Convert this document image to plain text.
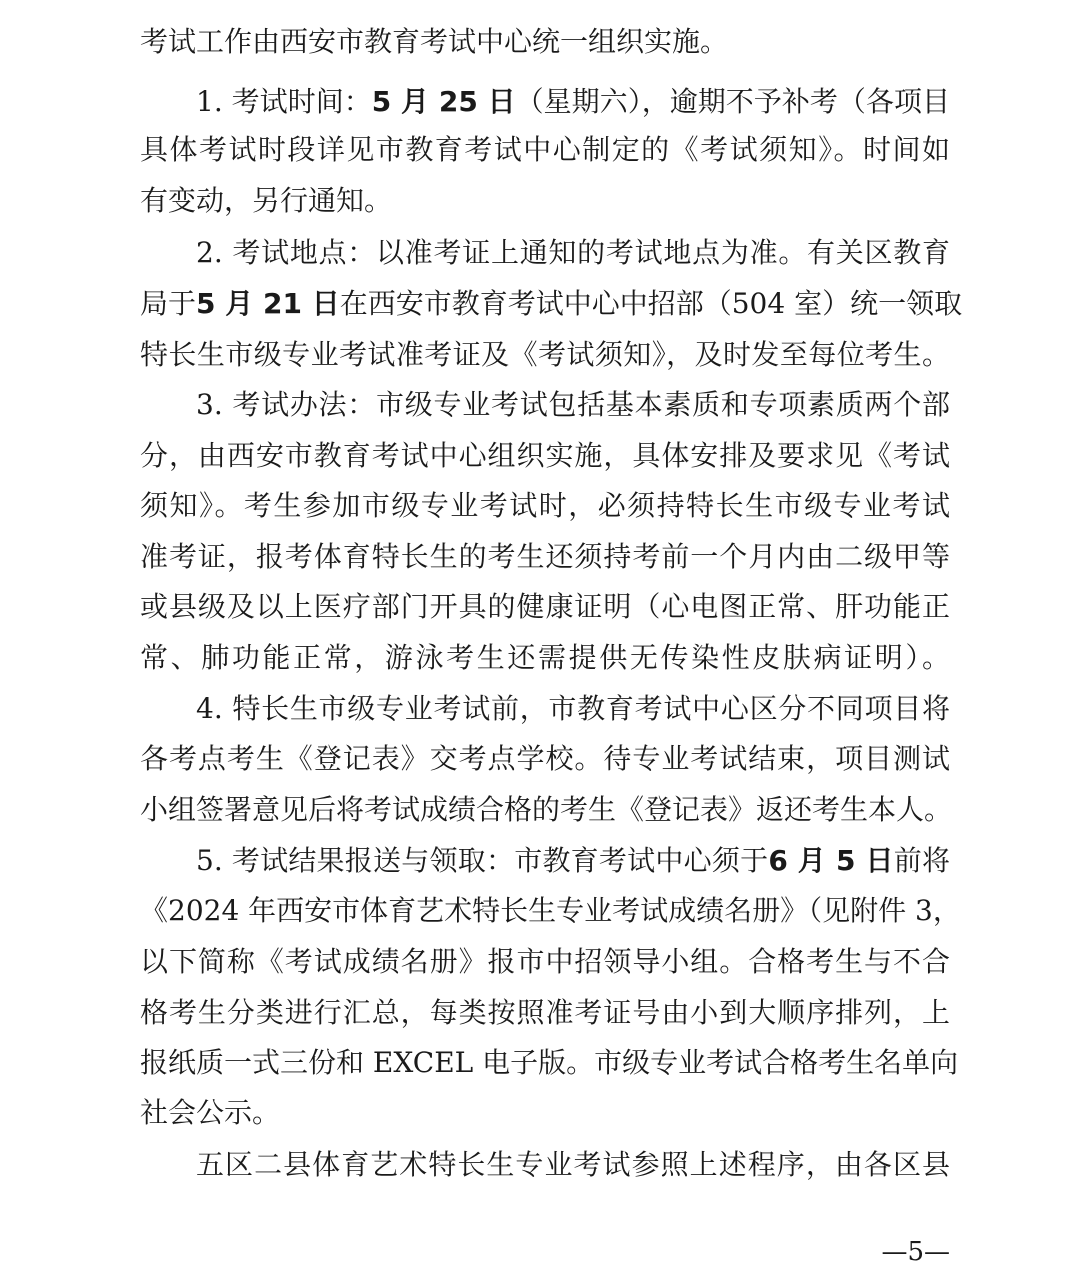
考试工作由西安市教育考试中心统一组织实施。
1. 考试时间：5 月 25 日（星期六），逾期不予补考（各项目
具体考试时段详见市教育考试中心制定的《考试须知》。时间如
有变动，另行通知。
2. 考试地点：以准考证上通知的考试地点为准。有关区教育
局于5 月 21 日在西安市教育考试中心中招部（504 室）统一领取
特长生市级专业考试准考证及《考试须知》，及时发至每位考生。
3. 考试办法：市级专业考试包括基本素质和专项素质两个部
分，由西安市教育考试中心组织实施，具体安排及要求见《考试
须知》。考生参加市级专业考试时，必须持特长生市级专业考试
准考证，报考体育特长生的考生还须持考前一个月内由二级甲等
或县级及以上医疗部门开具的健康证明（心电图正常、肝功能正
常、肺功能正常，游泳考生还需提供无传染性皮肤病证明）。
4. 特长生市级专业考试前，市教育考试中心区分不同项目将
各考点考生《登记表》交考点学校。待专业考试结束，项目测试
小组签署意见后将考试成绩合格的考生《登记表》返还考生本人。
5. 考试结果报送与领取：市教育考试中心须于6 月 5 日前将
《2024 年西安市体育艺术特长生专业考试成绩名册》（见附件 3，
以下简称《考试成绩名册》报市中招领导小组。合格考生与不合
格考生分类进行汇总，每类按照准考证号由小到大顺序排列，上
报纸质一式三份和 EXCEL 电子版。市级专业考试合格考生名单向
社会公示。
五区二县体育艺术特长生专业考试参照上述程序，由各区县
—5—
